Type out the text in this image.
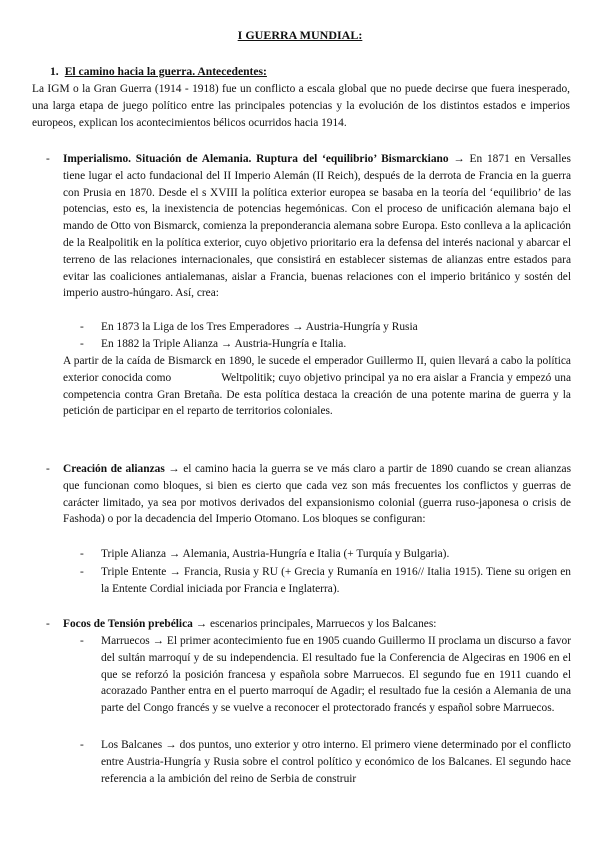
I GUERRA MUNDIAL:
1. El camino hacia la guerra. Antecedentes:
La IGM o la Gran Guerra (1914 - 1918) fue un conflicto a escala global que no puede decirse que fuera inesperado, una larga etapa de juego político entre las principales potencias y la evolución de los distintos estados e imperios europeos, explican los acontecimientos bélicos ocurridos hacia 1914.
- Imperialismo. Situación de Alemania. Ruptura del ‘equilibrio’ Bismarckiano → En 1871 en Versalles tiene lugar el acto fundacional del II Imperio Alemán (II Reich), después de la derrota de Francia en la guerra con Prusia en 1870. Desde el s XVIII la política exterior europea se basaba en la teoría del ‘equilibrio’ de las potencias, esto es, la inexistencia de potencias hegemónicas. Con el proceso de unificación alemana bajo el mando de Otto von Bismarck, comienza la preponderancia alemana sobre Europa. Esto conlleva a la aplicación de la Realpolitik en la política exterior, cuyo objetivo prioritario era la defensa del interés nacional y abarcar el terreno de las relaciones internacionales, que consistirá en establecer sistemas de alianzas entre estados para evitar las coaliciones antialemanas, aislar a Francia, buenas relaciones con el imperio británico y sostén del imperio austro-húngaro. Así, crea:
- En 1873 la Liga de los Tres Emperadores → Austria-Hungría y Rusia
- En 1882 la Triple Alianza → Austria-Hungría e Italia.
A partir de la caída de Bismarck en 1890, le sucede el emperador Guillermo II, quien llevará a cabo la política exterior conocida como	Weltpolitik; cuyo objetivo principal ya no era aislar a Francia y empezó una competencia contra Gran Bretaña. De esta política destaca la creación de una potente marina de guerra y la petición de participar en el reparto de territorios coloniales.
- Creación de alianzas → el camino hacia la guerra se ve más claro a partir de 1890 cuando se crean alianzas que funcionan como bloques, si bien es cierto que cada vez son más frecuentes los conflictos y guerras de carácter limitado, ya sea por motivos derivados del expansionismo colonial (guerra ruso-japonesa o crisis de Fashoda) o por la decadencia del Imperio Otomano. Los bloques se configuran:
- Triple Alianza → Alemania, Austria-Hungría e Italia (+ Turquía y Bulgaria).
- Triple Entente → Francia, Rusia y RU (+ Grecia y Rumanía en 1916// Italia 1915). Tiene su origen en la Entente Cordial iniciada por Francia e Inglaterra).
- Focos de Tensión prebélica → escenarios principales, Marruecos y los Balcanes:
- Marruecos → El primer acontecimiento fue en 1905 cuando Guillermo II proclama un discurso a favor del sultán marroquí y de su independencia. El resultado fue la Conferencia de Algeciras en 1906 en el que se reforzó la posición francesa y española sobre Marruecos. El segundo fue en 1911 cuando el acorazado Panther entra en el puerto marroquí de Agadir; el resultado fue la cesión a Alemania de una parte del Congo francés y se vuelve a reconocer el protectorado francés y español sobre Marruecos.
- Los Balcanes → dos puntos, uno exterior y otro interno. El primero viene determinado por el conflicto entre Austria-Hungría y Rusia sobre el control político y económico de los Balcanes. El segundo hace referencia a la ambición del reino de Serbia de construir
